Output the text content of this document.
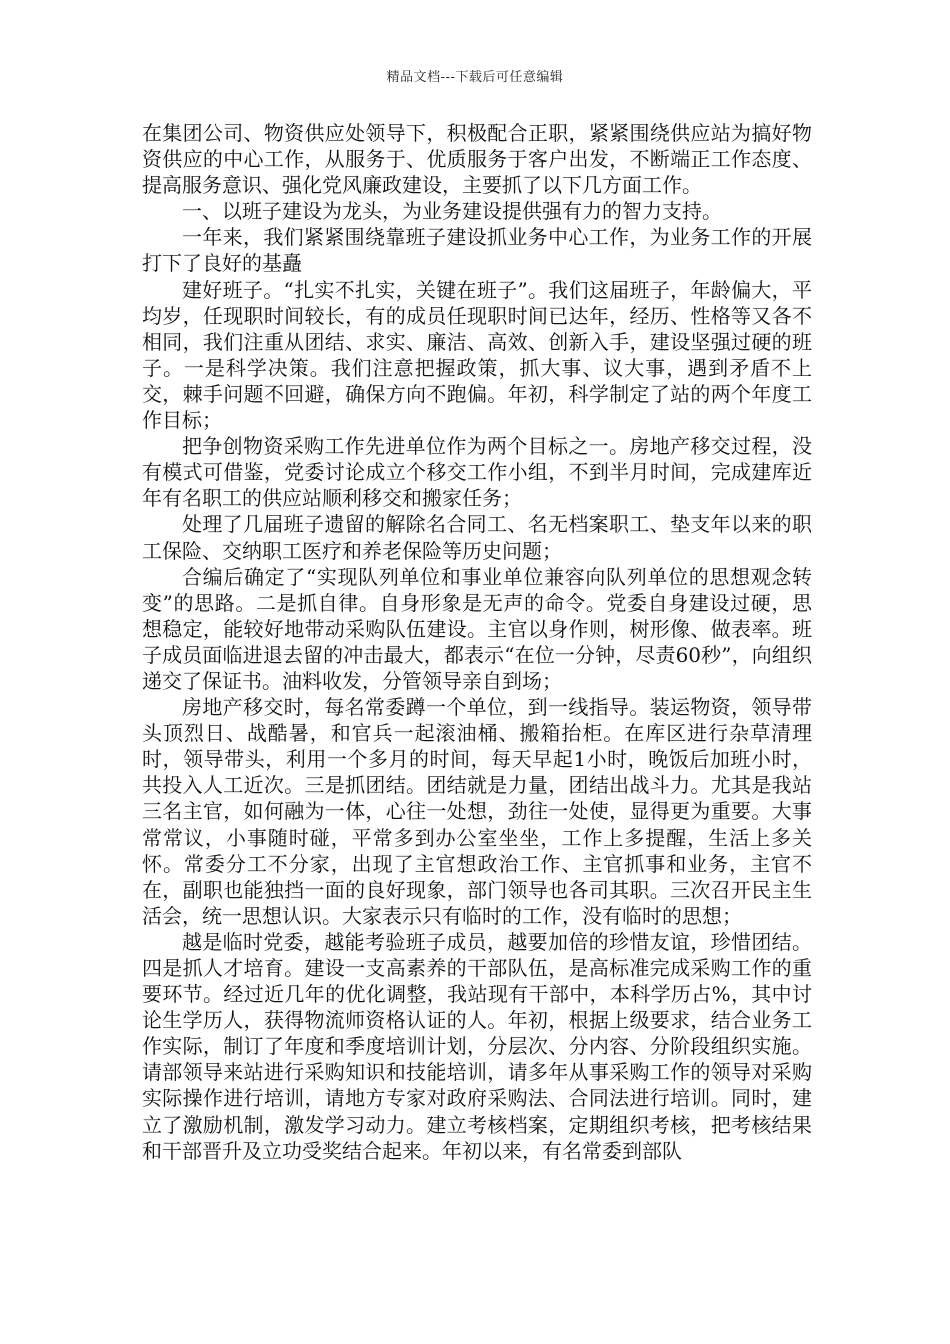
精品文档---下载后可任意编辑

在集团公司、物资供应处领导下，积极配合正职，紧紧围绕供应站为搞好物资供应的中心工作，从服务于、优质服务于客户出发，不断端正工作态度、提高服务意识、强化党风廉政建设，主要抓了以下几方面工作。

一、以班子建设为龙头，为业务建设提供强有力的智力支持。

一年来，我们紧紧围绕靠班子建设抓业务中心工作，为业务工作的开展打下了良好的基矗

建好班子。“扎实不扎实，关键在班子”。我们这届班子，年龄偏大，平均岁，任现职时间较长，有的成员任现职时间已达年，经历、性格等又各不相同，我们注重从团结、求实、廉洁、高效、创新入手，建设坚强过硬的班子。一是科学决策。我们注意把握政策，抓大事、议大事，遇到矛盾不上交，棘手问题不回避，确保方向不跑偏。年初，科学制定了站的两个年度工作目标；

把争创物资采购工作先进单位作为两个目标之一。房地产移交过程，没有模式可借鉴，党委讨论成立个移交工作小组，不到半月时间，完成建库近年有名职工的供应站顺利移交和搬家任务；

处理了几届班子遗留的解除名合同工、名无档案职工、垫支年以来的职工保险、交纳职工医疗和养老保险等历史问题；

合编后确定了“实现队列单位和事业单位兼容向队列单位的思想观念转变”的思路。二是抓自律。自身形象是无声的命令。党委自身建设过硬，思想稳定，能较好地带动采购队伍建设。主官以身作则，树形像、做表率。班子成员面临进退去留的冲击最大，都表示“在位一分钟，尽责60秒”，向组织递交了保证书。油料收发，分管领导亲自到场；

房地产移交时，每名常委蹲一个单位，到一线指导。装运物资，领导带头顶烈日、战酷暑，和官兵一起滚油桶、搬箱抬柜。在库区进行杂草清理时，领导带头，利用一个多月的时间，每天早起1小时，晚饭后加班小时，共投入人工近次。三是抓团结。团结就是力量，团结出战斗力。尤其是我站三名主官，如何融为一体，心往一处想，劲往一处使，显得更为重要。大事常常议，小事随时碰，平常多到办公室坐坐，工作上多提醒，生活上多关怀。常委分工不分家，出现了主官想政治工作、主官抓事和业务，主官不在，副职也能独挡一面的良好现象，部门领导也各司其职。三次召开民主生活会，统一思想认识。大家表示只有临时的工作，没有临时的思想；

越是临时党委，越能考验班子成员，越要加倍的珍惜友谊，珍惜团结。四是抓人才培育。建设一支高素养的干部队伍，是高标准完成采购工作的重要环节。经过近几年的优化调整，我站现有干部中，本科学历占%，其中讨论生学历人，获得物流师资格认证的人。年初，根据上级要求，结合业务工作实际，制订了年度和季度培训计划，分层次、分内容、分阶段组织实施。请部领导来站进行采购知识和技能培训，请多年从事采购工作的领导对采购实际操作进行培训，请地方专家对政府采购法、合同法进行培训。同时，建立了激励机制，激发学习动力。建立考核档案，定期组织考核，把考核结果和干部晋升及立功受奖结合起来。年初以来，有名常委到部队
